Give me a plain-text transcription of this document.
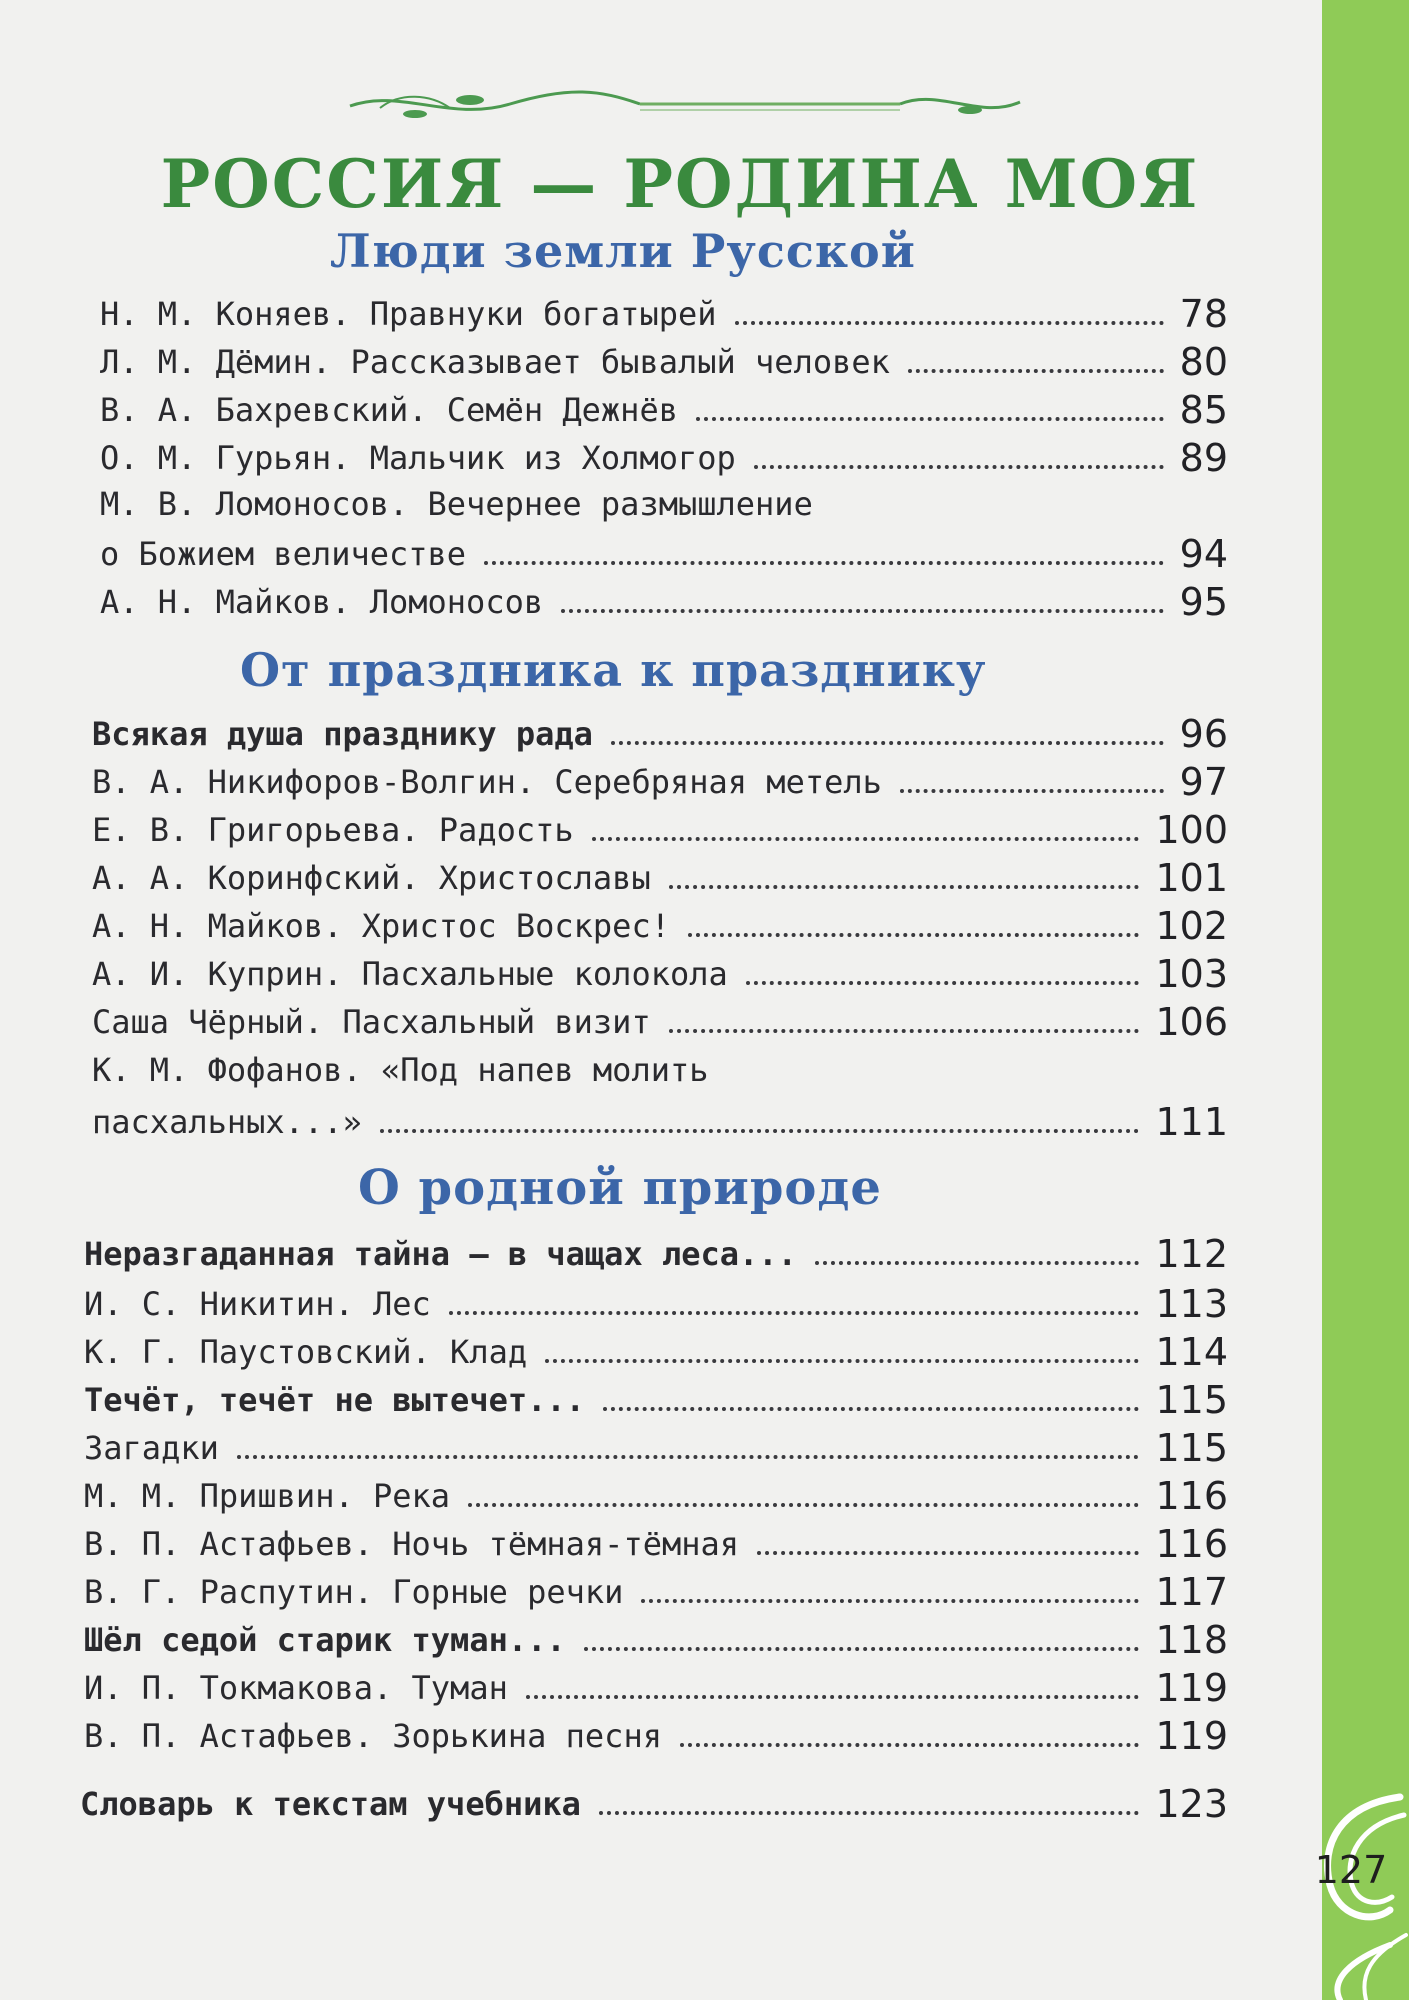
127
РОССИЯ — РОДИНА МОЯ
Люди земли Русской
От праздника к празднику
О родной природе
Н. М. Коняев. Правнуки богатырей	78
Л. М. Дёмин. Рассказывает бывалый человек	80
В. А. Бахревский. Семён Дежнёв	85
О. М. Гурьян. Мальчик из Холмогор	89
М. В. Ломоносов. Вечернее размышление
о Божием величестве	94
А. Н. Майков. Ломоносов	95
Всякая душа празднику рада	96
В. А. Никифоров-Волгин. Серебряная метель	97
Е. В. Григорьева. Радость	100
А. А. Коринфский. Христославы	101
А. Н. Майков. Христос Воскрес!	102
А. И. Куприн. Пасхальные колокола	103
Саша Чёрный. Пасхальный визит	106
К. М. Фофанов. «Под напев молить
пасхальных...»	111
Неразгаданная тайна — в чащах леса...	112
И. С. Никитин. Лес	113
К. Г. Паустовский. Клад	114
Течёт, течёт не вытечет...	115
Загадки	115
М. М. Пришвин. Река	116
В. П. Астафьев. Ночь тёмная-тёмная	116
В. Г. Распутин. Горные речки	117
Шёл седой старик туман...	118
И. П. Токмакова. Туман	119
В. П. Астафьев. Зорькина песня	119
Словарь к текстам учебника	123
